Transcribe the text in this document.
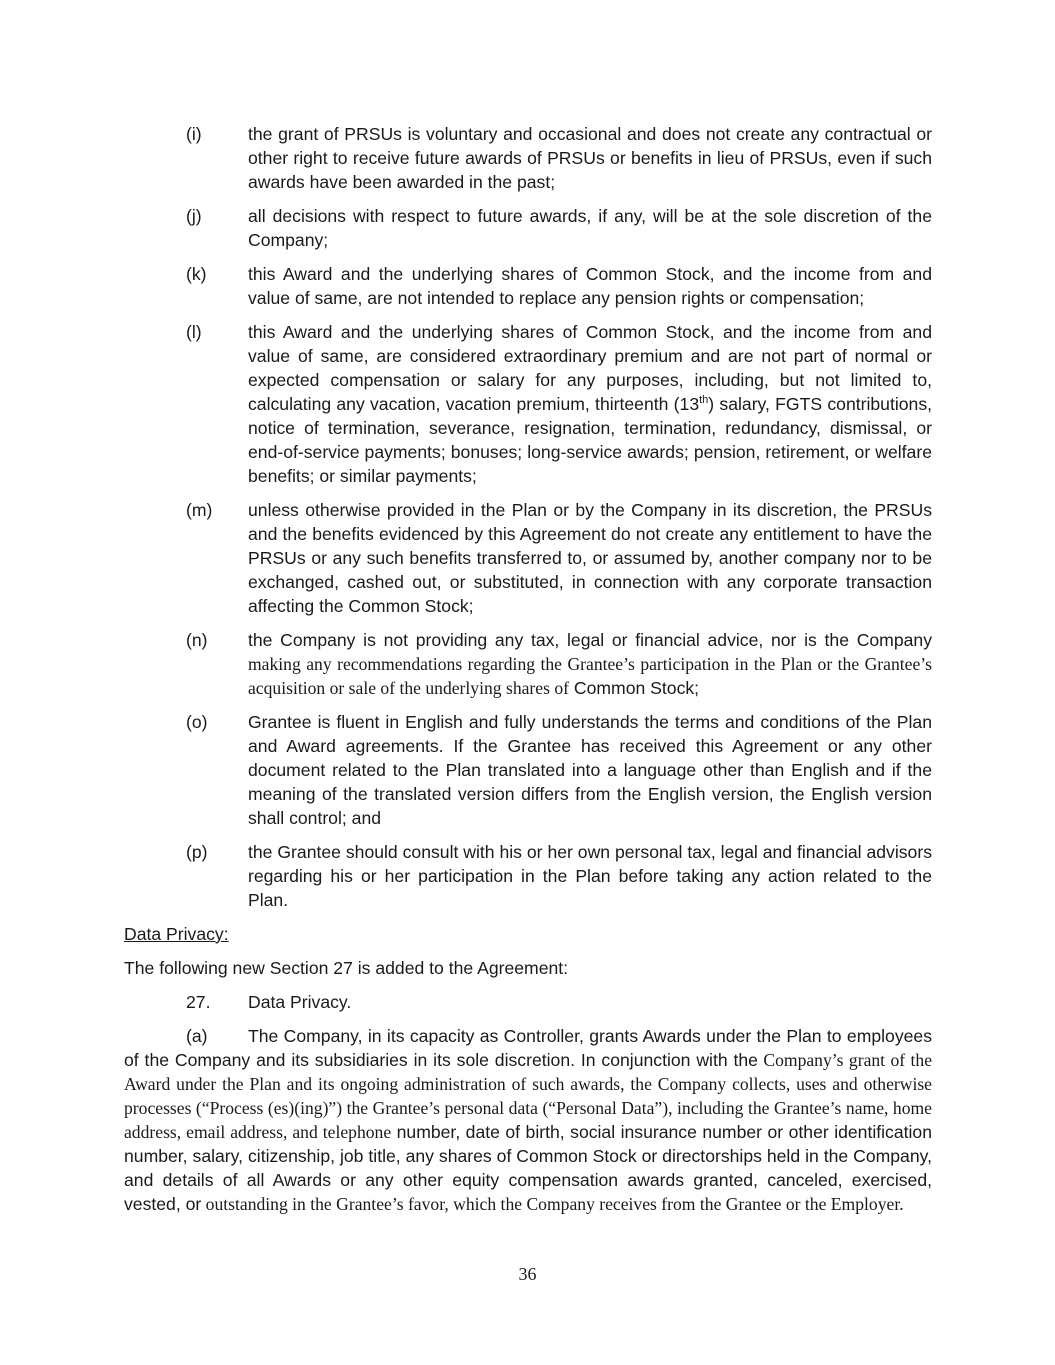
(i)	the grant of PRSUs is voluntary and occasional and does not create any contractual or other right to receive future awards of PRSUs or benefits in lieu of PRSUs, even if such awards have been awarded in the past;
(j)	all decisions with respect to future awards, if any, will be at the sole discretion of the Company;
(k)	this Award and the underlying shares of Common Stock, and the income from and value of same, are not intended to replace any pension rights or compensation;
(l)	this Award and the underlying shares of Common Stock, and the income from and value of same, are considered extraordinary premium and are not part of normal or expected compensation or salary for any purposes, including, but not limited to, calculating any vacation, vacation premium, thirteenth (13th) salary, FGTS contributions, notice of termination, severance, resignation, termination, redundancy, dismissal, or end-of-service payments; bonuses; long-service awards; pension, retirement, or welfare benefits; or similar payments;
(m)	unless otherwise provided in the Plan or by the Company in its discretion, the PRSUs and the benefits evidenced by this Agreement do not create any entitlement to have the PRSUs or any such benefits transferred to, or assumed by, another company nor to be exchanged, cashed out, or substituted, in connection with any corporate transaction affecting the Common Stock;
(n)	the Company is not providing any tax, legal or financial advice, nor is the Company making any recommendations regarding the Grantee’s participation in the Plan or the Grantee’s acquisition or sale of the underlying shares of Common Stock;
(o)	Grantee is fluent in English and fully understands the terms and conditions of the Plan and Award agreements. If the Grantee has received this Agreement or any other document related to the Plan translated into a language other than English and if the meaning of the translated version differs from the English version, the English version shall control; and
(p)	the Grantee should consult with his or her own personal tax, legal and financial advisors regarding his or her participation in the Plan before taking any action related to the Plan.
Data Privacy:
The following new Section 27 is added to the Agreement:
27.	Data Privacy.
(a) The Company, in its capacity as Controller, grants Awards under the Plan to employees of the Company and its subsidiaries in its sole discretion. In conjunction with the Company’s grant of the Award under the Plan and its ongoing administration of such awards, the Company collects, uses and otherwise processes (“Process (es)(ing)”) the Grantee’s personal data (“Personal Data”), including the Grantee’s name, home address, email address, and telephone number, date of birth, social insurance number or other identification number, salary, citizenship, job title, any shares of Common Stock or directorships held in the Company, and details of all Awards or any other equity compensation awards granted, canceled, exercised, vested, or outstanding in the Grantee’s favor, which the Company receives from the Grantee or the Employer.
36
